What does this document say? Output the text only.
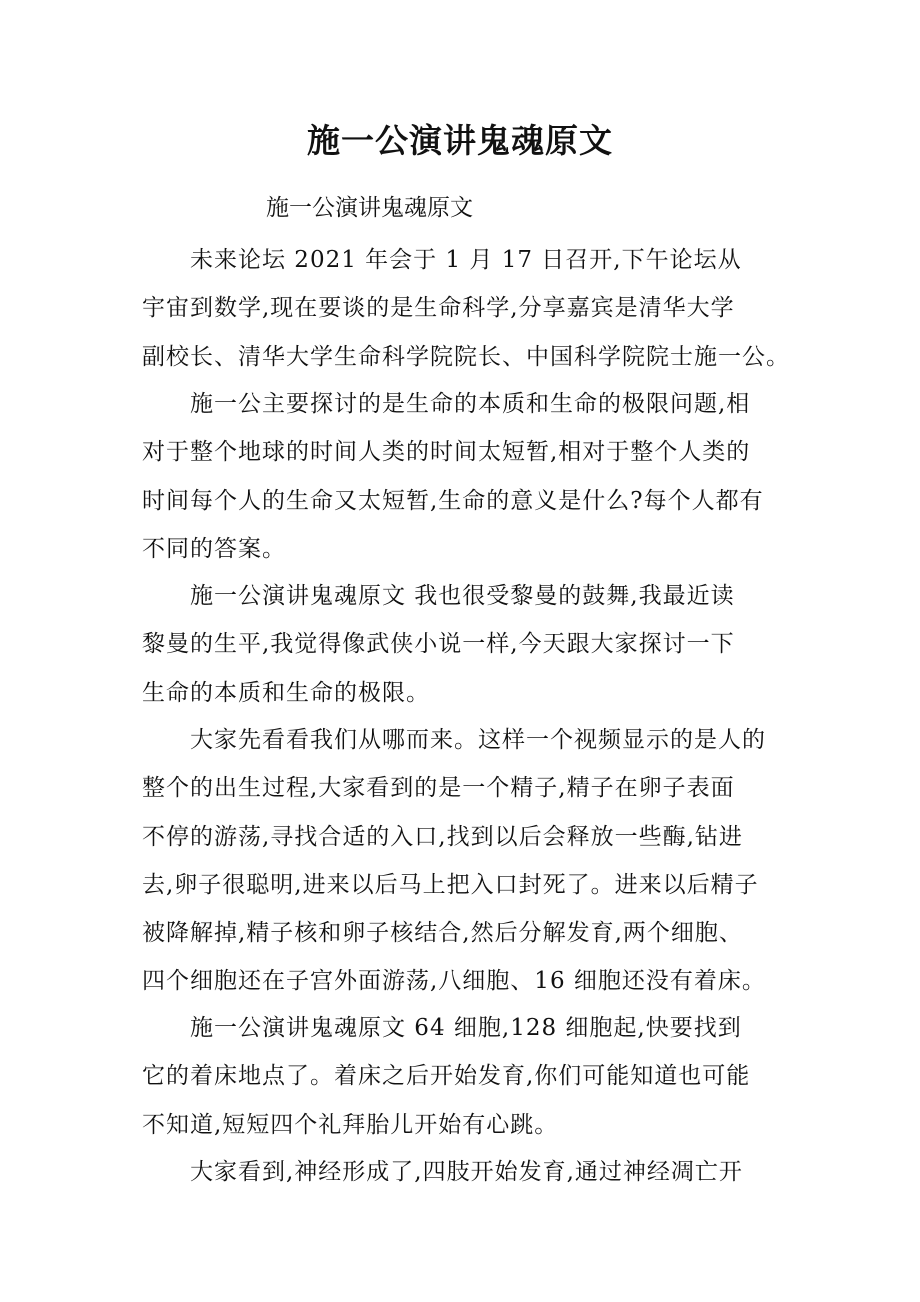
施一公演讲鬼魂原文

施一公演讲鬼魂原文

未来论坛 2021 年会于 1 月 17 日召开,下午论坛从
宇宙到数学,现在要谈的是生命科学,分享嘉宾是清华大学
副校长、清华大学生命科学院院长、中国科学院院士施一公。

施一公主要探讨的是生命的本质和生命的极限问题,相
对于整个地球的时间人类的时间太短暂,相对于整个人类的
时间每个人的生命又太短暂,生命的意义是什么?每个人都有
不同的答案。

施一公演讲鬼魂原文 我也很受黎曼的鼓舞,我最近读
黎曼的生平,我觉得像武侠小说一样,今天跟大家探讨一下
生命的本质和生命的极限。

大家先看看我们从哪而来。这样一个视频显示的是人的
整个的出生过程,大家看到的是一个精子,精子在卵子表面
不停的游荡,寻找合适的入口,找到以后会释放一些酶,钻进
去,卵子很聪明,进来以后马上把入口封死了。进来以后精子
被降解掉,精子核和卵子核结合,然后分解发育,两个细胞、
四个细胞还在子宫外面游荡,八细胞、16 细胞还没有着床。

施一公演讲鬼魂原文 64 细胞,128 细胞起,快要找到
它的着床地点了。着床之后开始发育,你们可能知道也可能
不知道,短短四个礼拜胎儿开始有心跳。

大家看到,神经形成了,四肢开始发育,通过神经凋亡开
